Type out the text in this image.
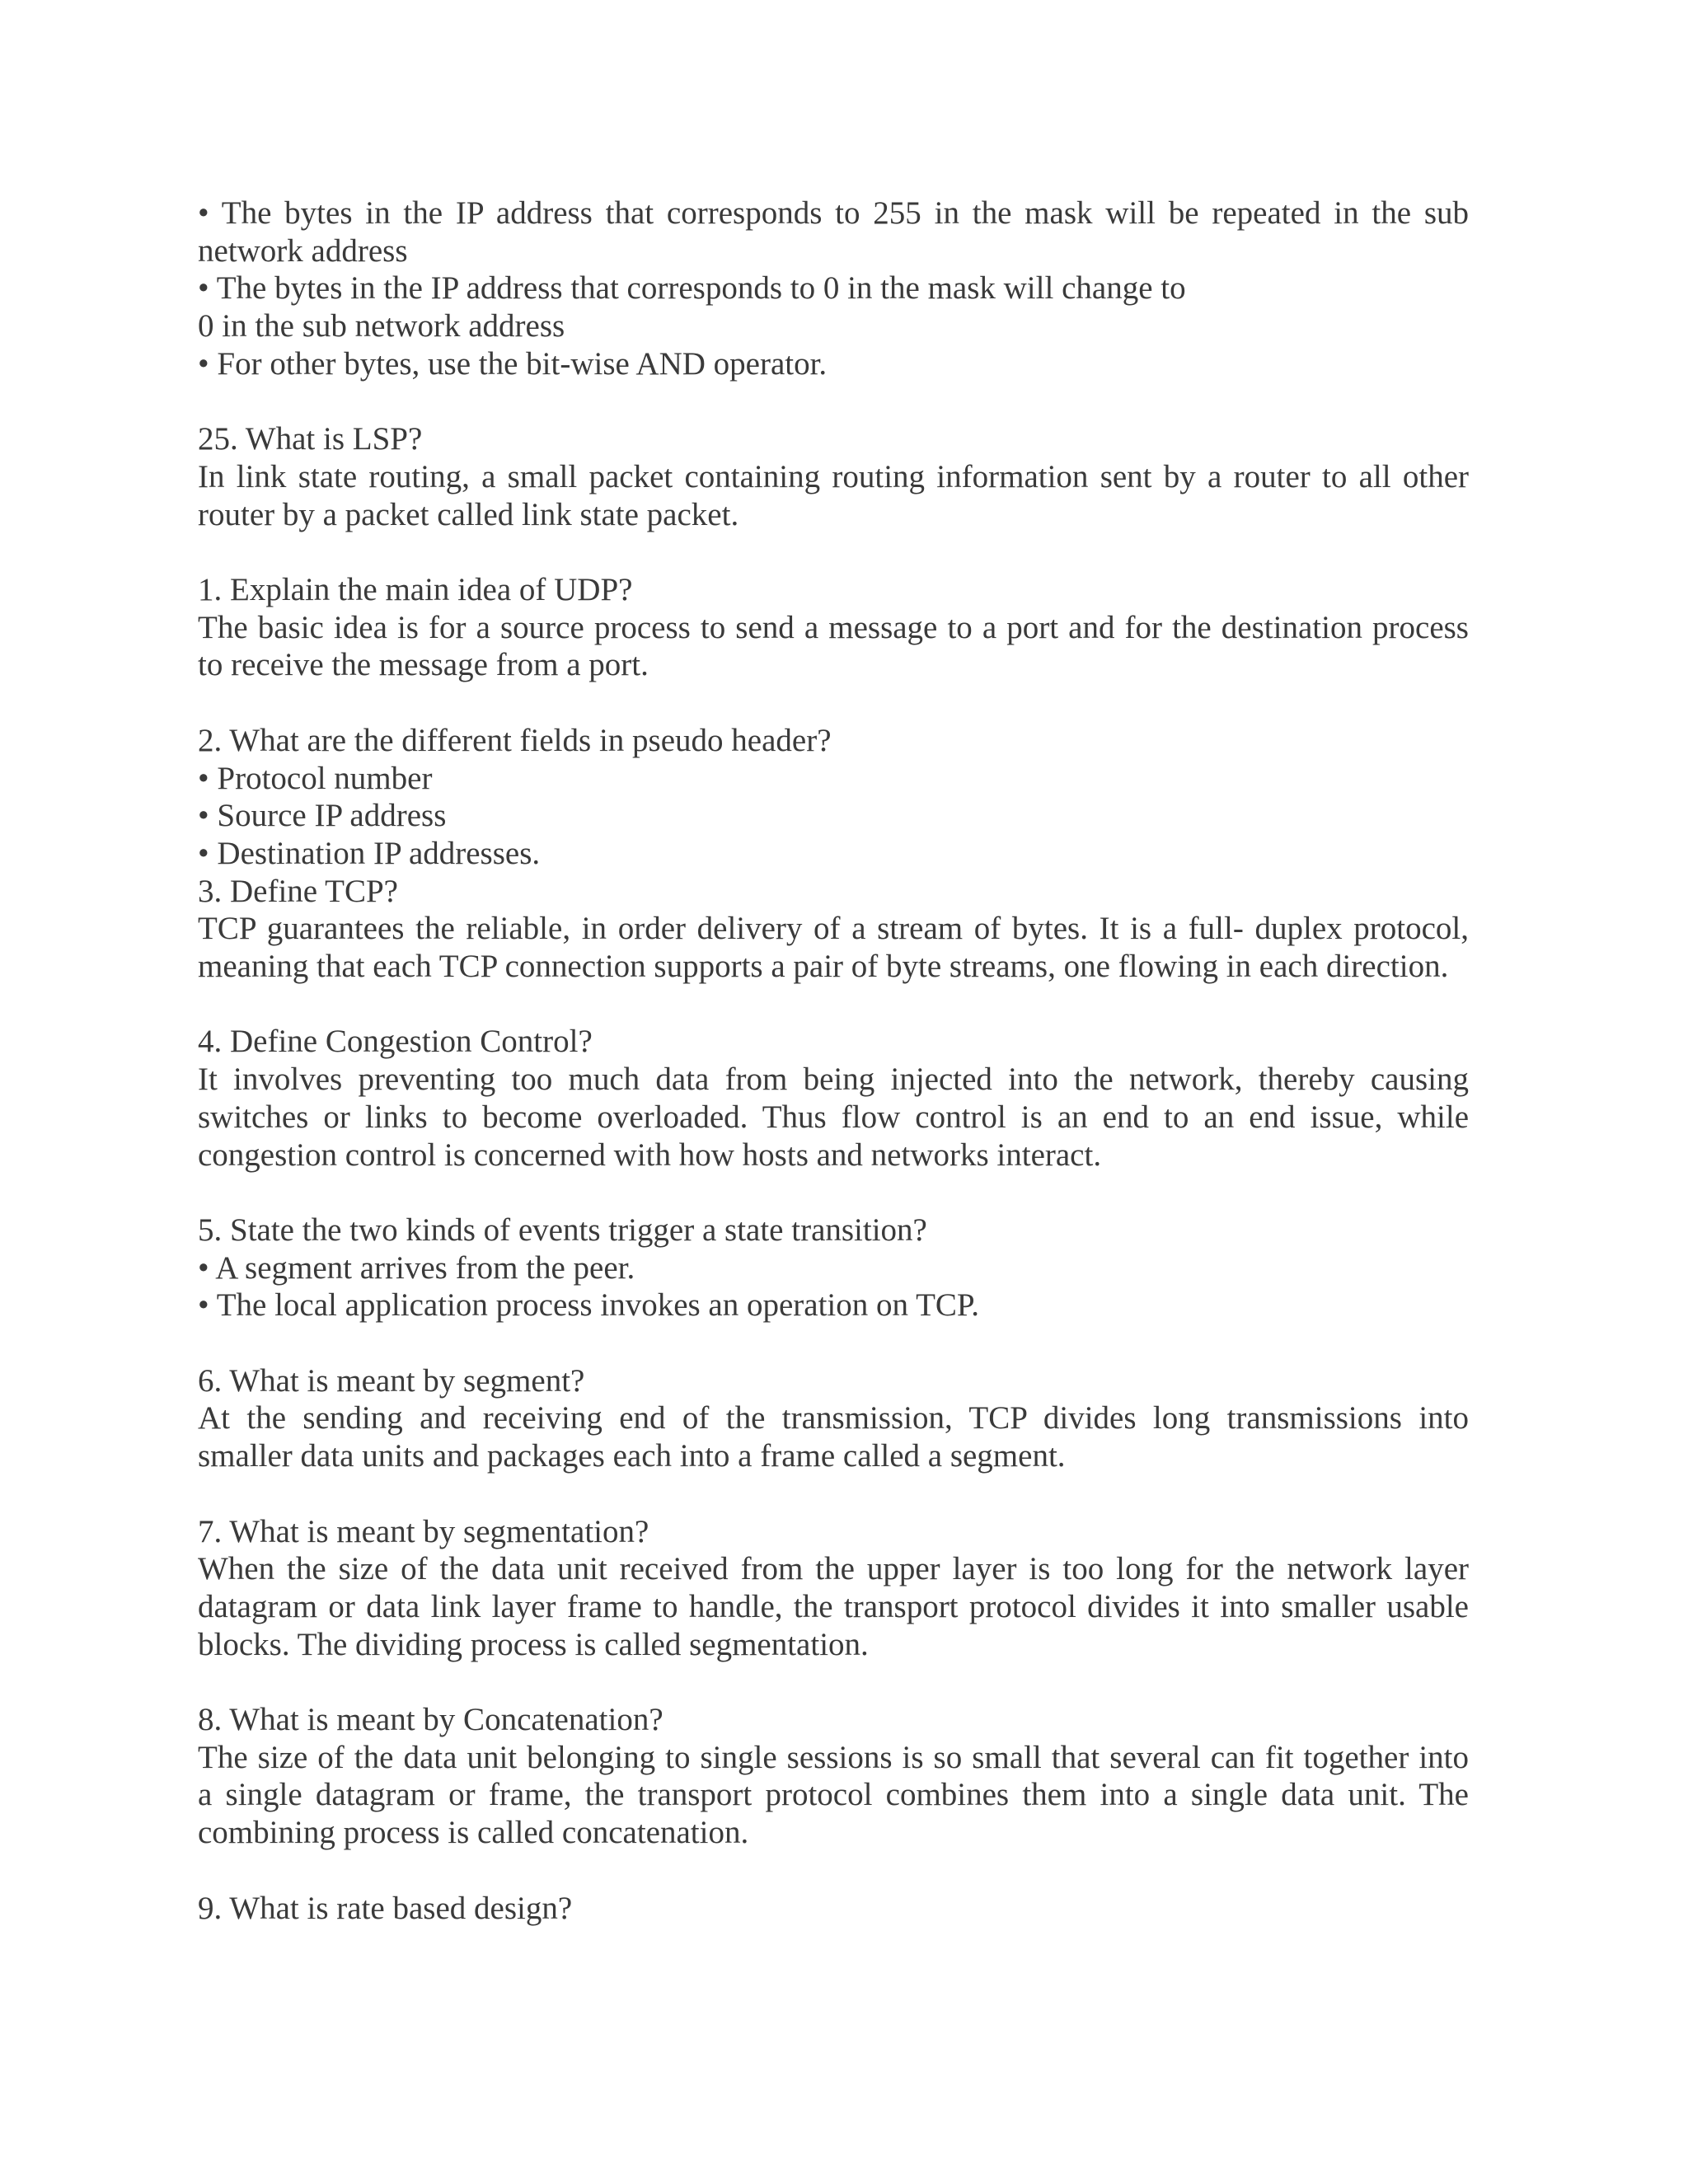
• The bytes in the IP address that corresponds to 255 in the mask will be repeated in the sub
network address
• The bytes in the IP address that corresponds to 0 in the mask will change to
0 in the sub network address
• For other bytes, use the bit-wise AND operator.
25. What is LSP?
In link state routing, a small packet containing routing information sent by a router to all other
router by a packet called link state packet.
1. Explain the main idea of UDP?
The basic idea is for a source process to send a message to a port and for the destination process
to receive the message from a port.
2. What are the different fields in pseudo header?
• Protocol number
• Source IP address
• Destination IP addresses.
3. Define TCP?
TCP guarantees the reliable, in order delivery of a stream of bytes. It is a full- duplex protocol,
meaning that each TCP connection supports a pair of byte streams, one flowing in each direction.
4. Define Congestion Control?
It involves preventing too much data from being injected into the network, thereby causing
switches or links to become overloaded. Thus flow control is an end to an end issue, while
congestion control is concerned with how hosts and networks interact.
5. State the two kinds of events trigger a state transition?
• A segment arrives from the peer.
• The local application process invokes an operation on TCP.
6. What is meant by segment?
At the sending and receiving end of the transmission, TCP divides long transmissions into
smaller data units and packages each into a frame called a segment.
7. What is meant by segmentation?
When the size of the data unit received from the upper layer is too long for the network layer
datagram or data link layer frame to handle, the transport protocol divides it into smaller usable
blocks. The dividing process is called segmentation.
8. What is meant by Concatenation?
The size of the data unit belonging to single sessions is so small that several can fit together into
a single datagram or frame, the transport protocol combines them into a single data unit. The
combining process is called concatenation.
9. What is rate based design?
